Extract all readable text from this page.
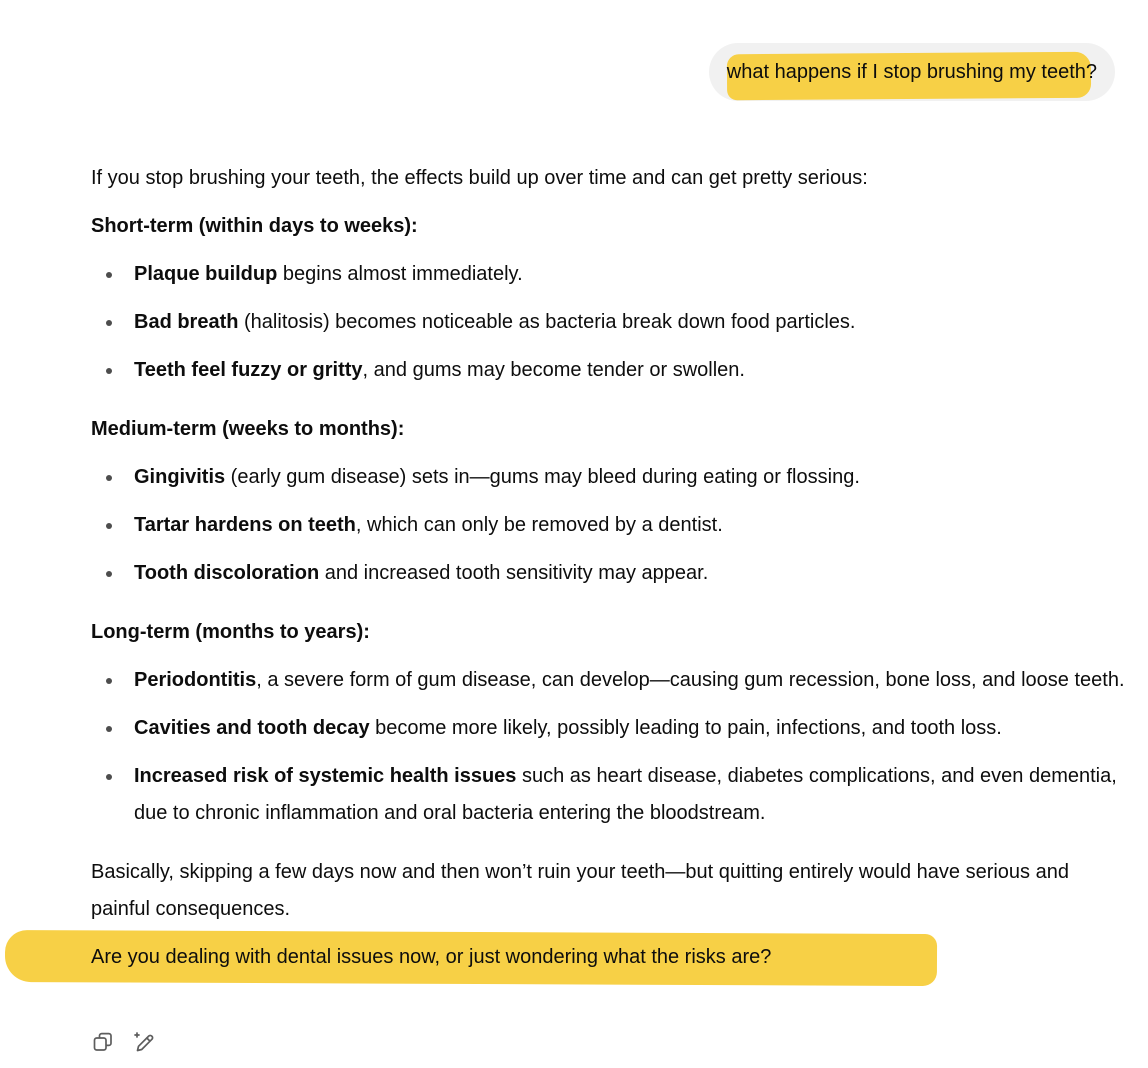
what happens if I stop brushing my teeth?

If you stop brushing your teeth, the effects build up over time and can get pretty serious:

Short-term (within days to weeks):

Plaque buildup begins almost immediately.
Bad breath (halitosis) becomes noticeable as bacteria break down food particles.
Teeth feel fuzzy or gritty, and gums may become tender or swollen.

Medium-term (weeks to months):

Gingivitis (early gum disease) sets in—gums may bleed during eating or flossing.
Tartar hardens on teeth, which can only be removed by a dentist.
Tooth discoloration and increased tooth sensitivity may appear.

Long-term (months to years):

Periodontitis, a severe form of gum disease, can develop—causing gum recession, bone loss, and loose teeth.
Cavities and tooth decay become more likely, possibly leading to pain, infections, and tooth loss.
Increased risk of systemic health issues such as heart disease, diabetes complications, and even dementia, due to chronic inflammation and oral bacteria entering the bloodstream.

Basically, skipping a few days now and then won’t ruin your teeth—but quitting entirely would have serious and painful consequences.

Are you dealing with dental issues now, or just wondering what the risks are?
